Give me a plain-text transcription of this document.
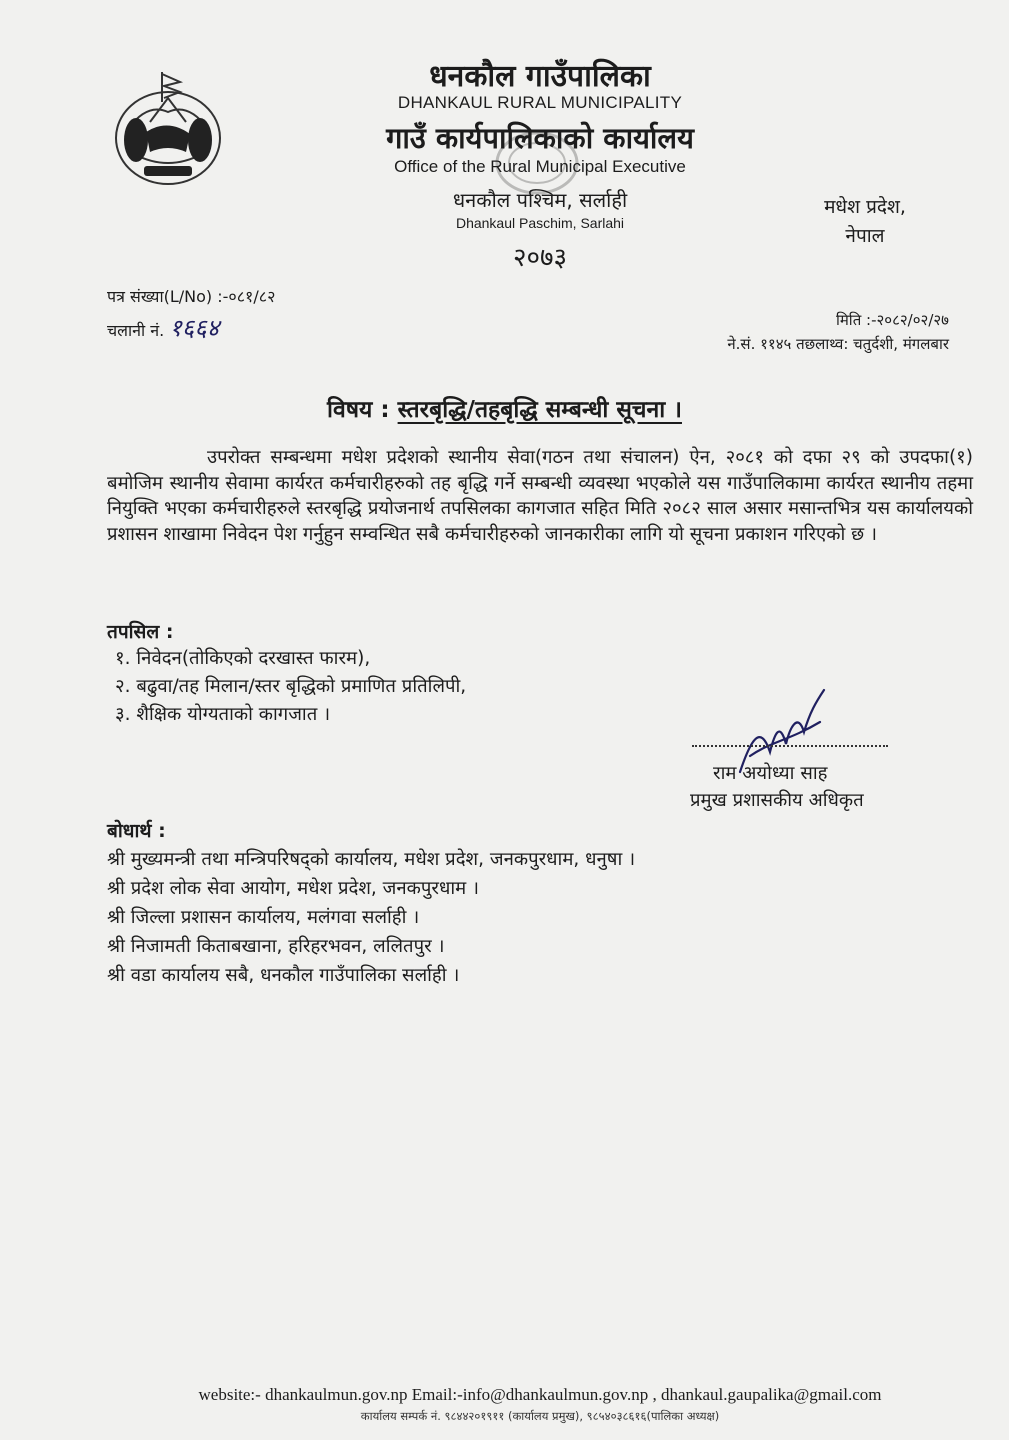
धनकौल गाउँपालिका
DHANKAUL RURAL MUNICIPALITY
गाउँ कार्यपालिकाको कार्यालय
Office of the Rural Municipal Executive
धनकौल पश्चिम, सर्लाही
Dhankaul Paschim, Sarlahi
२०७३
मधेश प्रदेश,
नेपाल
पत्र संख्या(L/No) :-०८१/८२
चलानी नं. १६६४	मिति :-२०८२/०२/२७
ने.सं. ११४५ तछलाथ्व: चतुर्दशी, मंगलबार
विषय : स्तरबृद्धि/तहबृद्धि सम्बन्धी सूचना ।
उपरोक्त सम्बन्धमा मधेश प्रदेशको स्थानीय सेवा(गठन तथा संचालन) ऐन, २०८१ को दफा २९ को उपदफा(१) बमोजिम स्थानीय सेवामा कार्यरत कर्मचारीहरुको तह बृद्धि गर्ने सम्बन्धी व्यवस्था भएकोले यस गाउँपालिकामा कार्यरत स्थानीय तहमा नियुक्ति भएका कर्मचारीहरुले स्तरबृद्धि प्रयोजनार्थ तपसिलका कागजात सहित मिति २०८२ साल असार मसान्तभित्र यस कार्यालयको प्रशासन शाखामा निवेदन पेश गर्नुहुन सम्वन्धित सबै कर्मचारीहरुको जानकारीका लागि यो सूचना प्रकाशन गरिएको छ ।
तपसिल :
१. निवेदन(तोकिएको दरखास्त फारम),
२. बढुवा/तह मिलान/स्तर बृद्धिको प्रमाणित प्रतिलिपी,
३. शैक्षिक योग्यताको कागजात ।
राम अयोध्या साह
प्रमुख प्रशासकीय अधिकृत
बोधार्थ :
श्री मुख्यमन्त्री तथा मन्त्रिपरिषद्को कार्यालय, मधेश प्रदेश, जनकपुरधाम, धनुषा ।
श्री प्रदेश लोक सेवा आयोग, मधेश प्रदेश, जनकपुरधाम ।
श्री जिल्ला प्रशासन कार्यालय, मलंगवा सर्लाही ।
श्री निजामती किताबखाना, हरिहरभवन, ललितपुर ।
श्री वडा कार्यालय सबै, धनकौल गाउँपालिका सर्लाही ।
website:- dhankaulmun.gov.np Email:-info@dhankaulmun.gov.np , dhankaul.gaupalika@gmail.com
कार्यालय सम्पर्क नं. ९८४४२०१९११ (कार्यालय प्रमुख), ९८५४०३८६१६(पालिका अध्यक्ष)
